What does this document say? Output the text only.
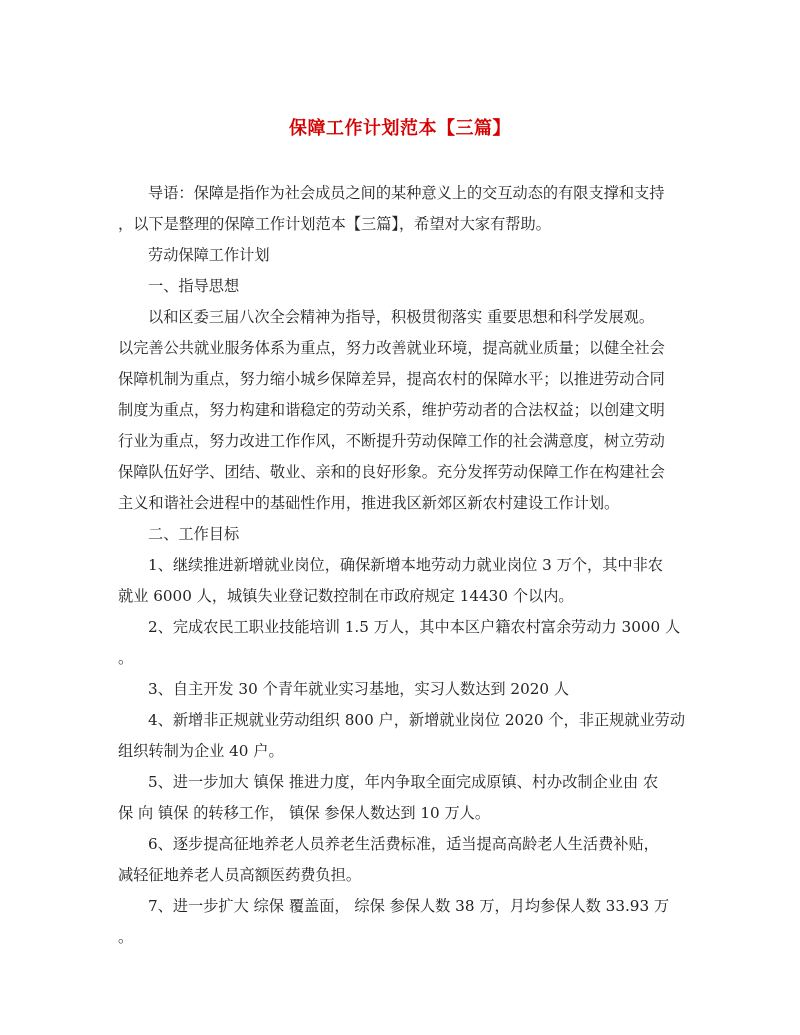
保障工作计划范本【三篇】
导语：保障是指作为社会成员之间的某种意义上的交互动态的有限支撑和支持
，以下是整理的保障工作计划范本【三篇】，希望对大家有帮助。
劳动保障工作计划
一、指导思想
以和区委三届八次全会精神为指导，积极贯彻落实 重要思想和科学发展观。
以完善公共就业服务体系为重点，努力改善就业环境，提高就业质量；以健全社会
保障机制为重点，努力缩小城乡保障差异，提高农村的保障水平；以推进劳动合同
制度为重点，努力构建和谐稳定的劳动关系，维护劳动者的合法权益；以创建文明
行业为重点，努力改进工作作风，不断提升劳动保障工作的社会满意度，树立劳动
保障队伍好学、团结、敬业、亲和的良好形象。充分发挥劳动保障工作在构建社会
主义和谐社会进程中的基础性作用，推进我区新郊区新农村建设工作计划。
二、工作目标
1、继续推进新增就业岗位，确保新增本地劳动力就业岗位 3 万个，其中非农
就业 6000 人，城镇失业登记数控制在市政府规定 14430 个以内。
2、完成农民工职业技能培训 1.5 万人，其中本区户籍农村富余劳动力 3000 人
。
3、自主开发 30 个青年就业实习基地，实习人数达到 2020 人
4、新增非正规就业劳动组织 800 户，新增就业岗位 2020 个，非正规就业劳动
组织转制为企业 40 户。
5、进一步加大 镇保 推进力度，年内争取全面完成原镇、村办改制企业由 农
保 向 镇保 的转移工作， 镇保 参保人数达到 10 万人。
6、逐步提高征地养老人员养老生活费标准，适当提高高龄老人生活费补贴，
减轻征地养老人员高额医药费负担。
7、进一步扩大 综保 覆盖面， 综保 参保人数 38 万，月均参保人数 33.93 万
。
